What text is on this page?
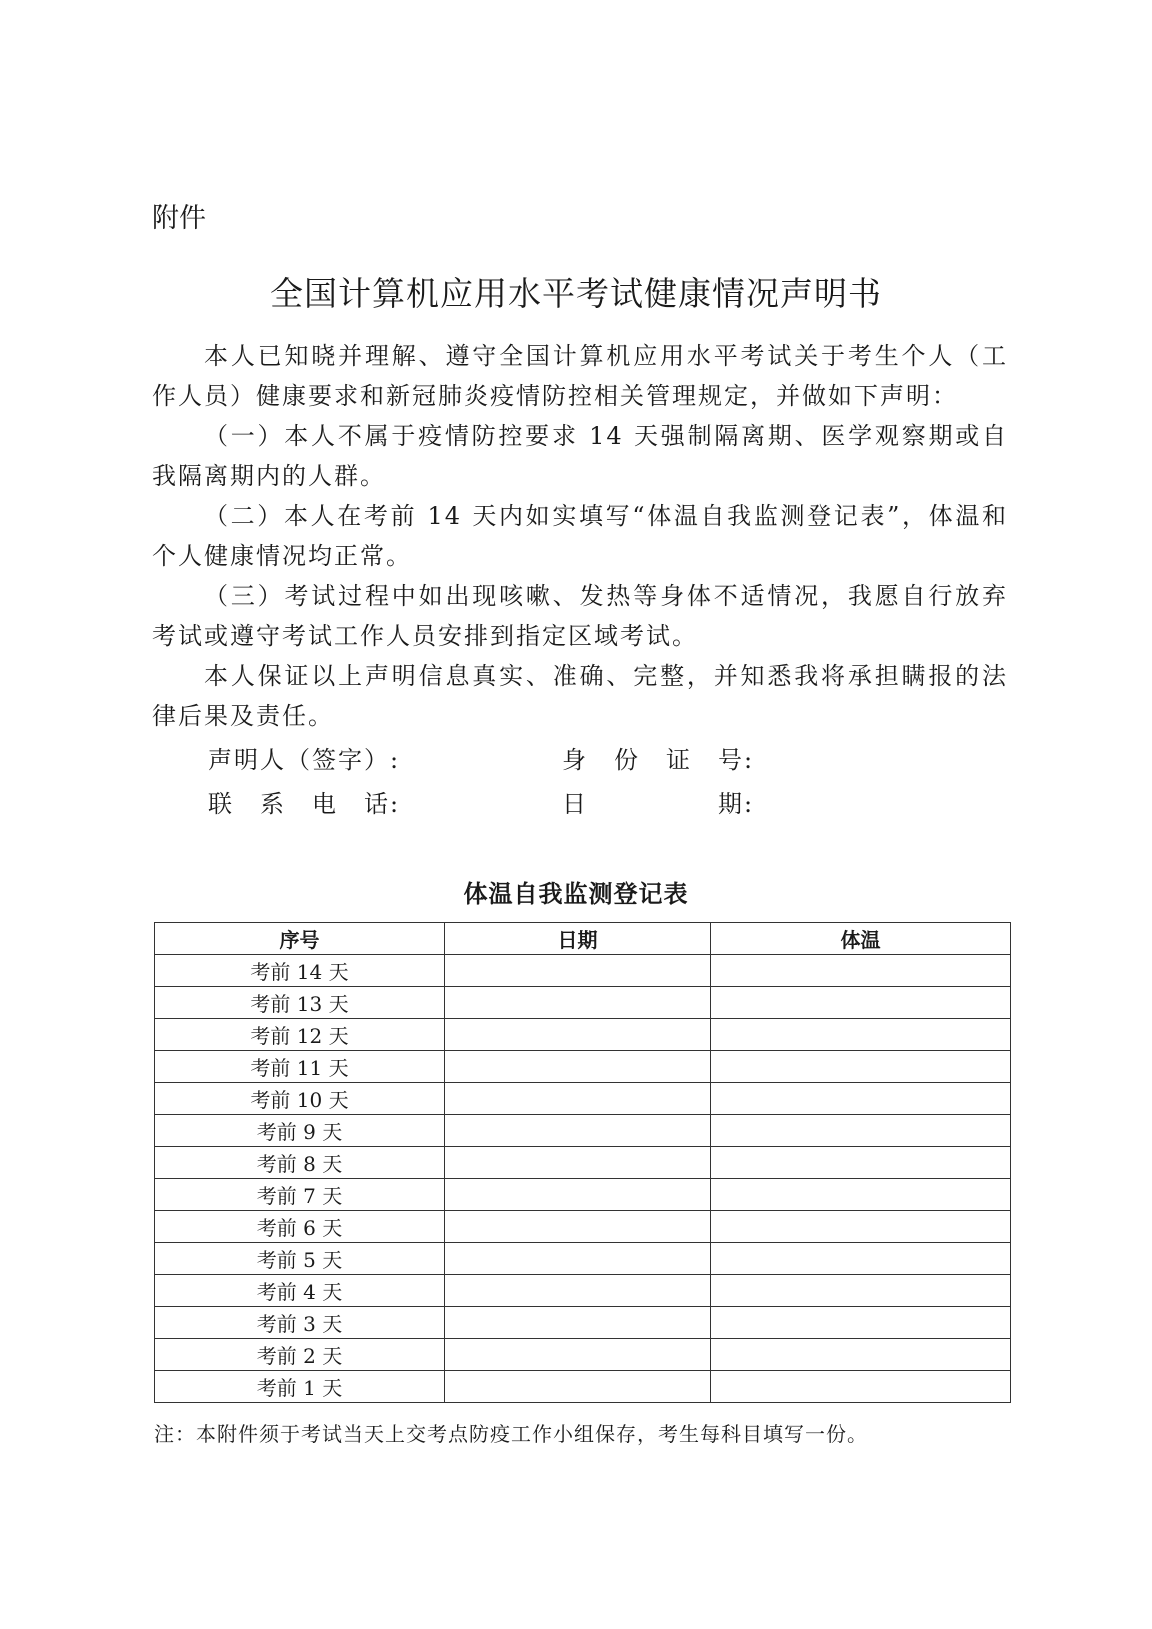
附件
全国计算机应用水平考试健康情况声明书

本人已知晓并理解、遵守全国计算机应用水平考试关于考生个人（工作人员）健康要求和新冠肺炎疫情防控相关管理规定，并做如下声明：

（一）本人不属于疫情防控要求 14 天强制隔离期、医学观察期或自我隔离期内的人群。

（二）本人在考前 14 天内如实填写“体温自我监测登记表”，体温和个人健康情况均正常。

（三）考试过程中如出现咳嗽、发热等身体不适情况，我愿自行放弃考试或遵守考试工作人员安排到指定区域考试。

本人保证以上声明信息真实、准确、完整，并知悉我将承担瞒报的法律后果及责任。

声明人（签字）:	身　份　证　号:
联　系　电　话:	日　　　　　期:
体温自我监测登记表
序号	日期	体温
考前 14 天		
考前 13 天		
考前 12 天		
考前 11 天		
考前 10 天		
考前 9 天		
考前 8 天		
考前 7 天		
考前 6 天		
考前 5 天		
考前 4 天		
考前 3 天		
考前 2 天		
考前 1 天		
注：本附件须于考试当天上交考点防疫工作小组保存，考生每科目填写一份。
